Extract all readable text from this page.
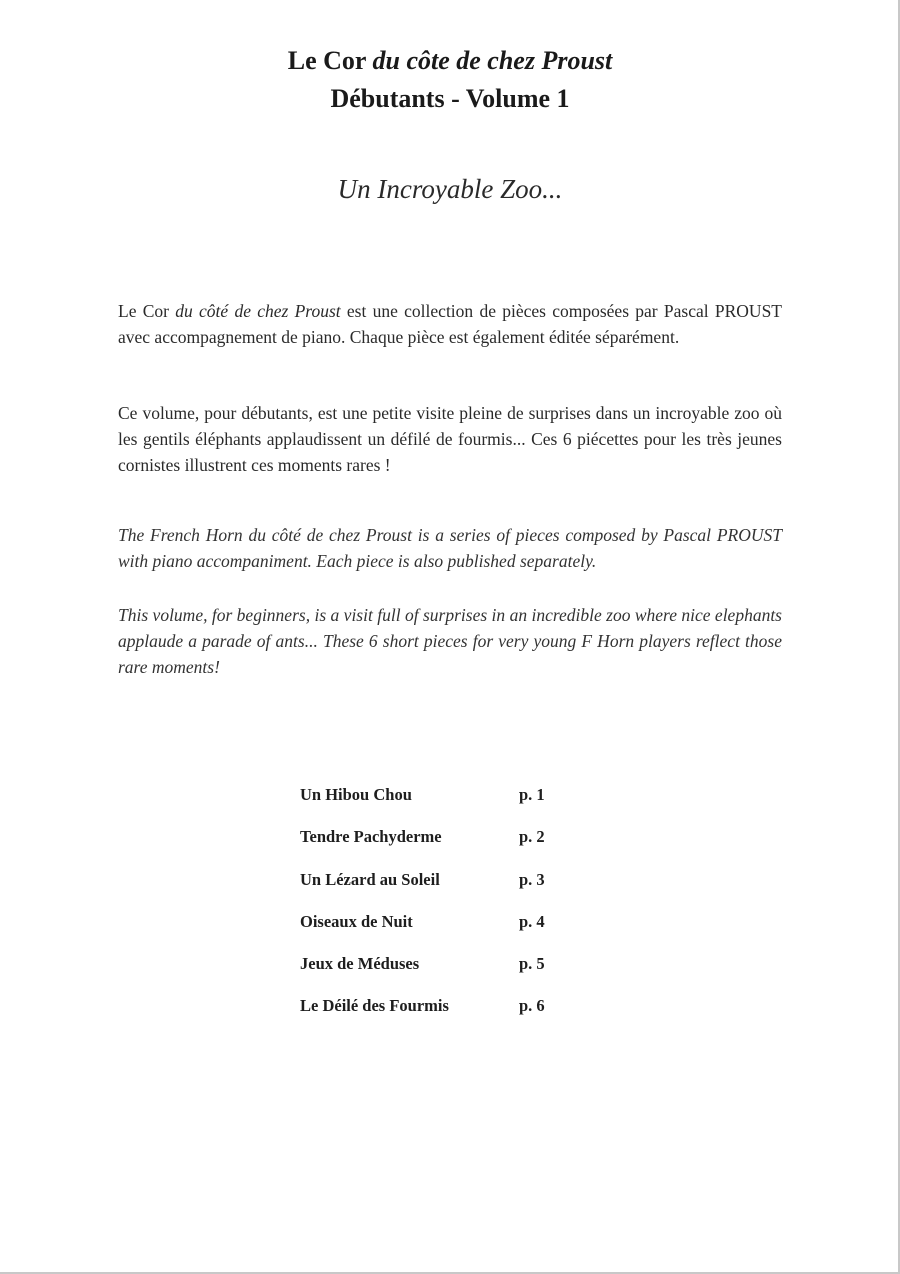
Le Cor du côte de chez Proust
Débutants - Volume 1
Un Incroyable Zoo...

Le Cor du côté de chez Proust est une collection de pièces composées par Pascal PROUST avec accompagnement de piano. Chaque pièce est également éditée séparément.

Ce volume, pour débutants, est une petite visite pleine de surprises dans un incroyable zoo où les gentils éléphants applaudissent un défilé de fourmis... Ces 6 piécettes pour les très jeunes cornistes illustrent ces moments rares !

The French Horn du côté de chez Proust is a series of pieces composed by Pascal PROUST with piano accompaniment. Each piece is also published separately.

This volume, for beginners, is a visit full of surprises in an incredible zoo where nice elephants applaude a parade of ants... These 6 short pieces for very young F Horn players reflect those rare moments!

Un Hibou Chou	p. 1
Tendre Pachyderme	p. 2
Un Lézard au Soleil	p. 3
Oiseaux de Nuit	p. 4
Jeux de Méduses	p. 5
Le Déilé des Fourmis	p. 6
